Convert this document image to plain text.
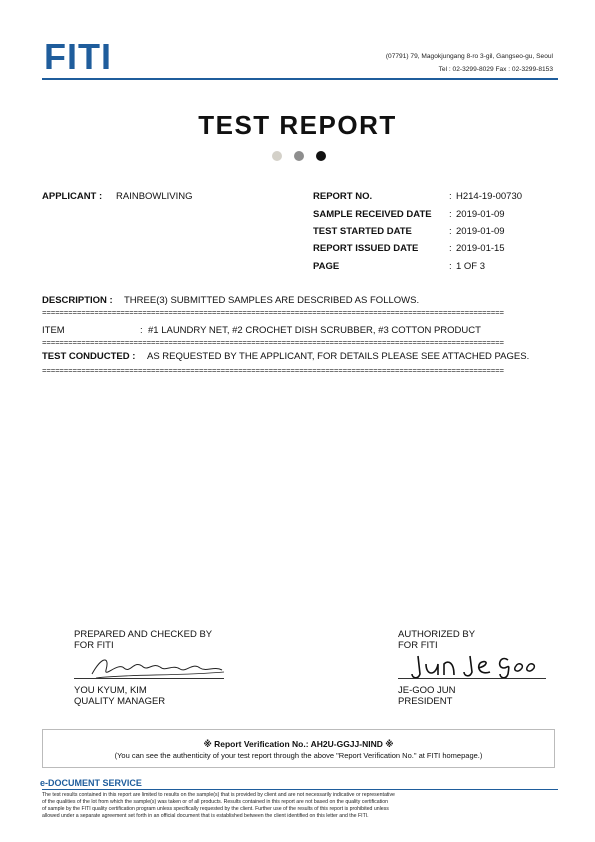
FITI	(07791) 79, Magokjungang 8-ro 3-gil, Gangseo-gu, Seoul
Tel : 02-3299-8029 Fax : 02-3299-8153
TEST REPORT
APPLICANT : RAINBOWLIVING	REPORT NO.	: H214-19-00730
SAMPLE RECEIVED DATE : 2019-01-09
TEST STARTED DATE	: 2019-01-09
REPORT ISSUED DATE	: 2019-01-15
PAGE	: 1 OF 3
DESCRIPTION : THREE(3) SUBMITTED SAMPLES ARE DESCRIBED AS FOLLOWS.
==========================================================================================================
ITEM	: #1 LAUNDRY NET, #2 CROCHET DISH SCRUBBER, #3 COTTON PRODUCT
==========================================================================================================
TEST CONDUCTED : AS REQUESTED BY THE APPLICANT, FOR DETAILS PLEASE SEE ATTACHED PAGES.
==========================================================================================================
PREPARED AND CHECKED BY
FOR FITI
YOU KYUM, KIM
QUALITY MANAGER
AUTHORIZED BY
FOR FITI
JE-GOO JUN
PRESIDENT
※ Report Verification No.: AH2U-GGJJ-NIND ※
(You can see the authenticity of your test report through the above "Report Verification No." at FITI homepage.)
e-DOCUMENT SERVICE
The test results contained in this report are limited to results on the sample(s) that is provided by client and are not necessarily indicative or representative
of the qualities of the lot from which the sample(s) was taken or of all products. Results contained in this report are not based on the quality certification
of sample by the FITI quality certification program unless specifically requested by the client. Further use of the results of this report is prohibited unless
allowed under a separate agreement set forth in an official document that is established between the client identified on this letter and the FITI.
